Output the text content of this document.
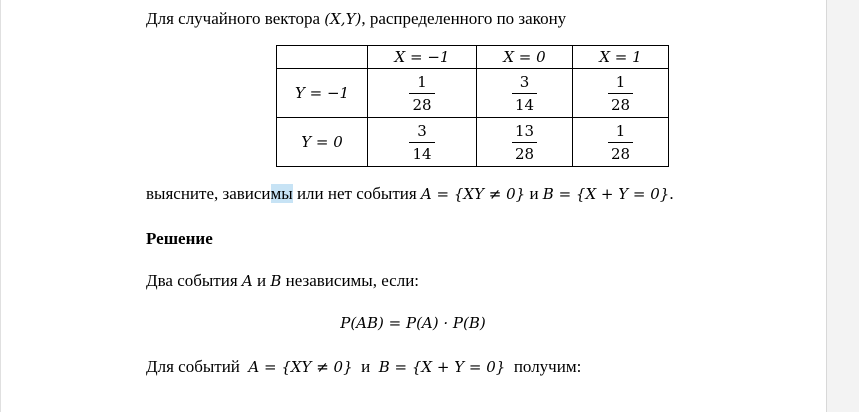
Для случайного вектора (X,Y), распределенного по закону
	X = −1	X = 0	X = 1
Y = −1	$\frac{1}{28}$	$\frac{3}{14}$	$\frac{1}{28}$

Y = 0	$\frac{3}{14}$	$\frac{13}{28}$	$\frac{1}{28}$
выясните, зависимы или нет события A = {XY ≠ 0} и B = {X + Y = 0}.
Решение
Два события A и B независимы, если:
P(AB) = P(A) · P(B)
Для событий  A = {XY ≠ 0}  и  B = {X + Y = 0}  получим:
